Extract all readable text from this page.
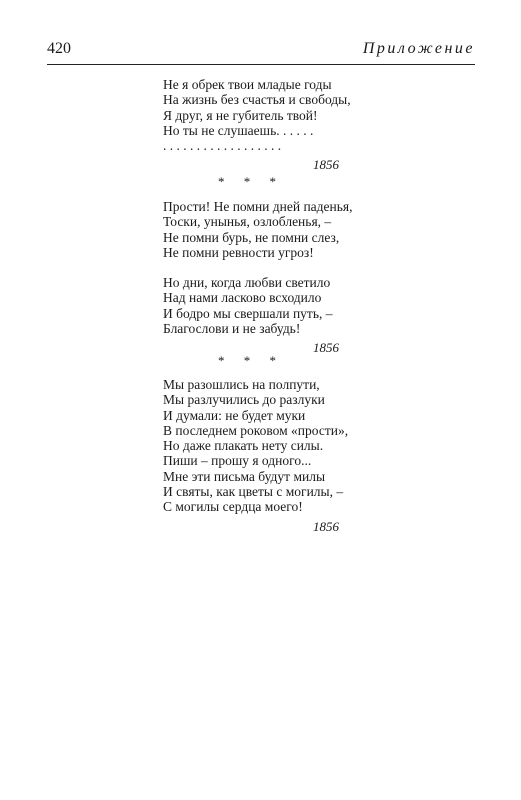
420	Приложение
Не я обрек твои младые годы
На жизнь без счастья и свободы,
Я друг, я не губитель твой!
Но ты не слушаешь. . . . . .
. . . . . . . . . . . . . . . . . .
1856
* * *
Прости! Не помни дней паденья,
Тоски, унынья, озлобленья, –
Не помни бурь, не помни слез,
Не помни ревности угроз!
Но дни, когда любви светило
Над нами ласково всходило
И бодро мы свершали путь, –
Благослови и не забудь!
1856
* * *
Мы разошлись на полпути,
Мы разлучились до разлуки
И думали: не будет муки
В последнем роковом «прости»,
Но даже плакать нету силы.
Пиши – прошу я одного...
Мне эти письма будут милы
И святы, как цветы с могилы, –
С могилы сердца моего!
1856
